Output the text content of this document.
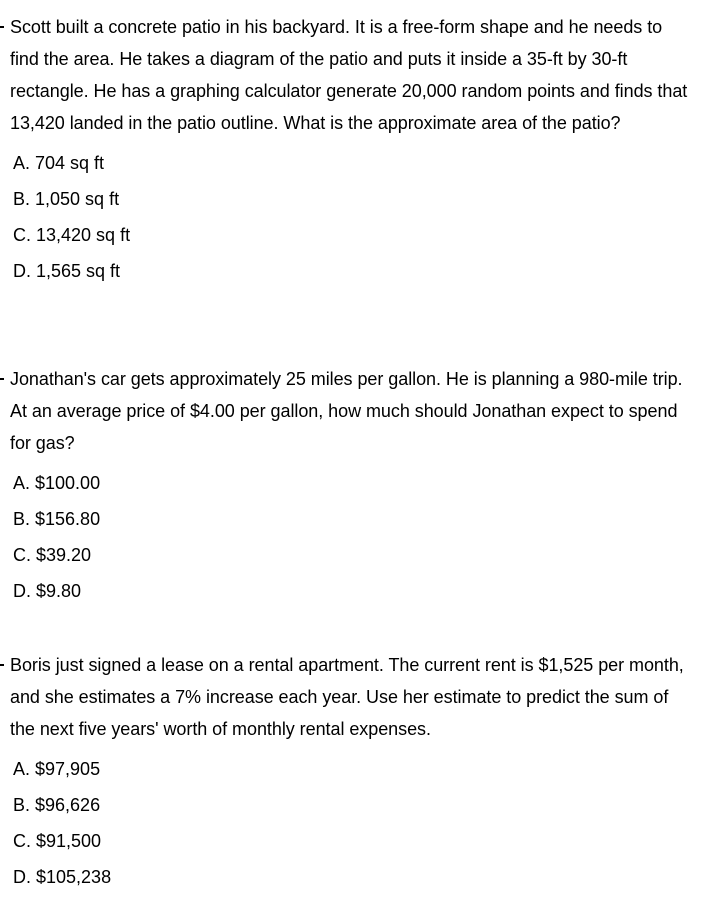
Scott built a concrete patio in his backyard. It is a free-form shape and he needs to find the area. He takes a diagram of the patio and puts it inside a 35-ft by 30-ft rectangle. He has a graphing calculator generate 20,000 random points and finds that 13,420 landed in the patio outline. What is the approximate area of the patio?

A. 704 sq ft
B. 1,050 sq ft
C. 13,420 sq ft
D. 1,565 sq ft

Jonathan's car gets approximately 25 miles per gallon. He is planning a 980-mile trip. At an average price of $4.00 per gallon, how much should Jonathan expect to spend for gas?

A. $100.00
B. $156.80
C. $39.20
D. $9.80

Boris just signed a lease on a rental apartment. The current rent is $1,525 per month, and she estimates a 7% increase each year. Use her estimate to predict the sum of the next five years' worth of monthly rental expenses.

A. $97,905
B. $96,626
C. $91,500
D. $105,238
